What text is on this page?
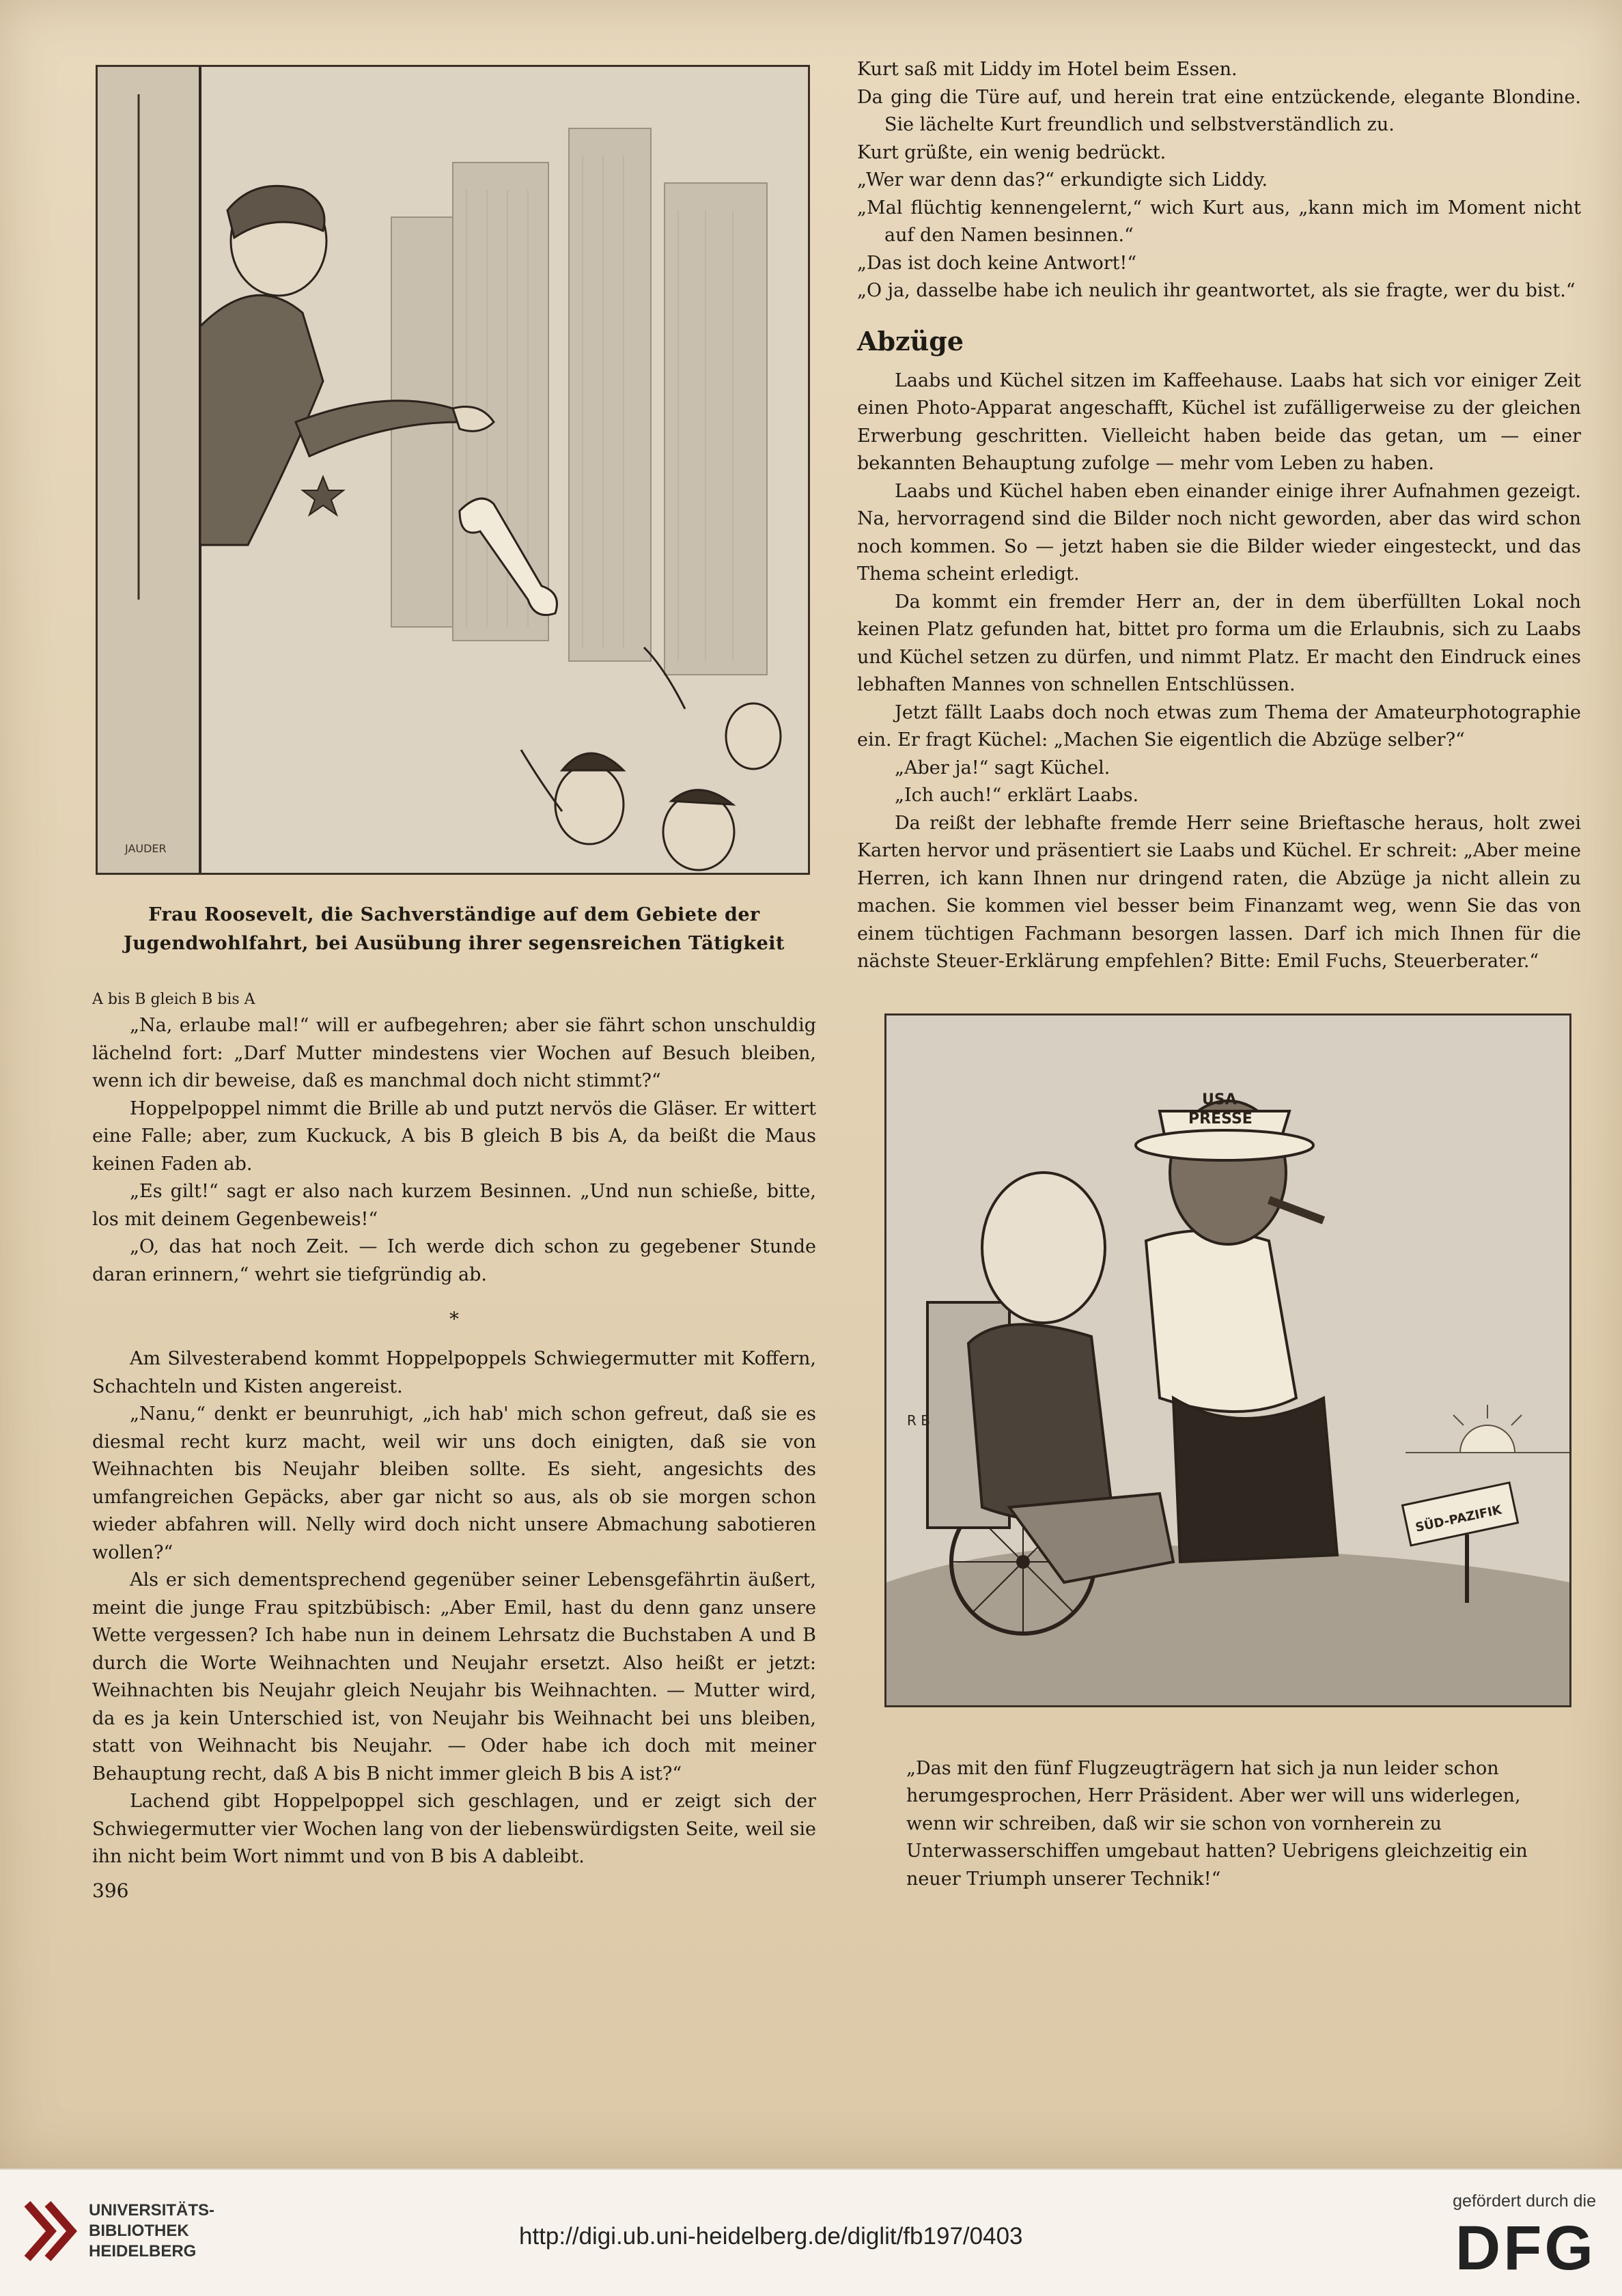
JAUDER
Frau Roosevelt, die Sachverständige auf dem Gebiete der Jugendwohlfahrt, bei Ausübung ihrer segensreichen Tätigkeit
A bis B gleich B bis A

„Na, erlaube mal!“ will er aufbegehren; aber sie fährt schon unschuldig lächelnd fort: „Darf Mutter mindestens vier Wochen auf Besuch bleiben, wenn ich dir beweise, daß es manchmal doch nicht stimmt?“

Hoppelpoppel nimmt die Brille ab und putzt nervös die Gläser. Er wittert eine Falle; aber, zum Kuckuck, A bis B gleich B bis A, da beißt die Maus keinen Faden ab.

„Es gilt!“ sagt er also nach kurzem Besinnen. „Und nun schieße, bitte, los mit deinem Gegenbeweis!“

„O, das hat noch Zeit. — Ich werde dich schon zu gegebener Stunde daran erinnern,“ wehrt sie tiefgründig ab.

*

Am Silvesterabend kommt Hoppelpoppels Schwiegermutter mit Koffern, Schachteln und Kisten angereist.

„Nanu,“ denkt er beunruhigt, „ich hab' mich schon gefreut, daß sie es diesmal recht kurz macht, weil wir uns doch einigten, daß sie von Weihnachten bis Neujahr bleiben sollte. Es sieht, angesichts des umfangreichen Gepäcks, aber gar nicht so aus, als ob sie morgen schon wieder abfahren will. Nelly wird doch nicht unsere Abmachung sabotieren wollen?“

Als er sich dementsprechend gegenüber seiner Lebensgefährtin äußert, meint die junge Frau spitzbübisch: „Aber Emil, hast du denn ganz unsere Wette vergessen? Ich habe nun in deinem Lehrsatz die Buchstaben A und B durch die Worte Weihnachten und Neujahr ersetzt. Also heißt er jetzt: Weihnachten bis Neujahr gleich Neujahr bis Weihnachten. — Mutter wird, da es ja kein Unterschied ist, von Neujahr bis Weihnacht bei uns bleiben, statt von Weihnacht bis Neujahr. — Oder habe ich doch mit meiner Behauptung recht, daß A bis B nicht immer gleich B bis A ist?“

Lachend gibt Hoppelpoppel sich geschlagen, und er zeigt sich der Schwiegermutter vier Wochen lang von der liebenswürdigsten Seite, weil sie ihn nicht beim Wort nimmt und von B bis A dableibt.

396

Kurt saß mit Liddy im Hotel beim Essen.

Da ging die Türe auf, und herein trat eine entzückende, elegante Blondine. Sie lächelte Kurt freundlich und selbstverständlich zu.

Kurt grüßte, ein wenig bedrückt.

„Wer war denn das?“ erkundigte sich Liddy.

„Mal flüchtig kennengelernt,“ wich Kurt aus, „kann mich im Moment nicht auf den Namen besinnen.“

„Das ist doch keine Antwort!“

„O ja, dasselbe habe ich neulich ihr geantwortet, als sie fragte, wer du bist.“

Abzüge

Laabs und Küchel sitzen im Kaffeehause. Laabs hat sich vor einiger Zeit einen Photo-Apparat angeschafft, Küchel ist zufälligerweise zu der gleichen Erwerbung geschritten. Vielleicht haben beide das getan, um — einer bekannten Behauptung zufolge — mehr vom Leben zu haben.

Laabs und Küchel haben eben einander einige ihrer Aufnahmen gezeigt. Na, hervorragend sind die Bilder noch nicht geworden, aber das wird schon noch kommen. So — jetzt haben sie die Bilder wieder eingesteckt, und das Thema scheint erledigt.

Da kommt ein fremder Herr an, der in dem überfüllten Lokal noch keinen Platz gefunden hat, bittet pro forma um die Erlaubnis, sich zu Laabs und Küchel setzen zu dürfen, und nimmt Platz. Er macht den Eindruck eines lebhaften Mannes von schnellen Entschlüssen.

Jetzt fällt Laabs doch noch etwas zum Thema der Amateurphotographie ein. Er fragt Küchel: „Machen Sie eigentlich die Abzüge selber?“

„Aber ja!“ sagt Küchel.

„Ich auch!“ erklärt Laabs.

Da reißt der lebhafte fremde Herr seine Brieftasche heraus, holt zwei Karten hervor und präsentiert sie Laabs und Küchel. Er schreit: „Aber meine Herren, ich kann Ihnen nur dringend raten, die Abzüge ja nicht allein zu machen. Sie kommen viel besser beim Finanzamt weg, wenn Sie das von einem tüchtigen Fachmann besorgen lassen. Darf ich mich Ihnen für die nächste Steuer-Erklärung empfehlen? Bitte: Emil Fuchs, Steuerberater.“

USA
PRESSE
SÜD-PAZIFIK
R B
„Das mit den fünf Flugzeugträgern hat sich ja nun leider schon herumgesprochen, Herr Präsident. Aber wer will uns widerlegen, wenn wir schreiben, daß wir sie schon von vornherein zu Unterwasserschiffen umgebaut hatten? Uebrigens gleichzeitig ein neuer Triumph unserer Technik!“
UNIVERSITÄTS-
BIBLIOTHEK
HEIDELBERG
http://digi.ub.uni-heidelberg.de/diglit/fb197/0403
gefördert durch die
DFG
